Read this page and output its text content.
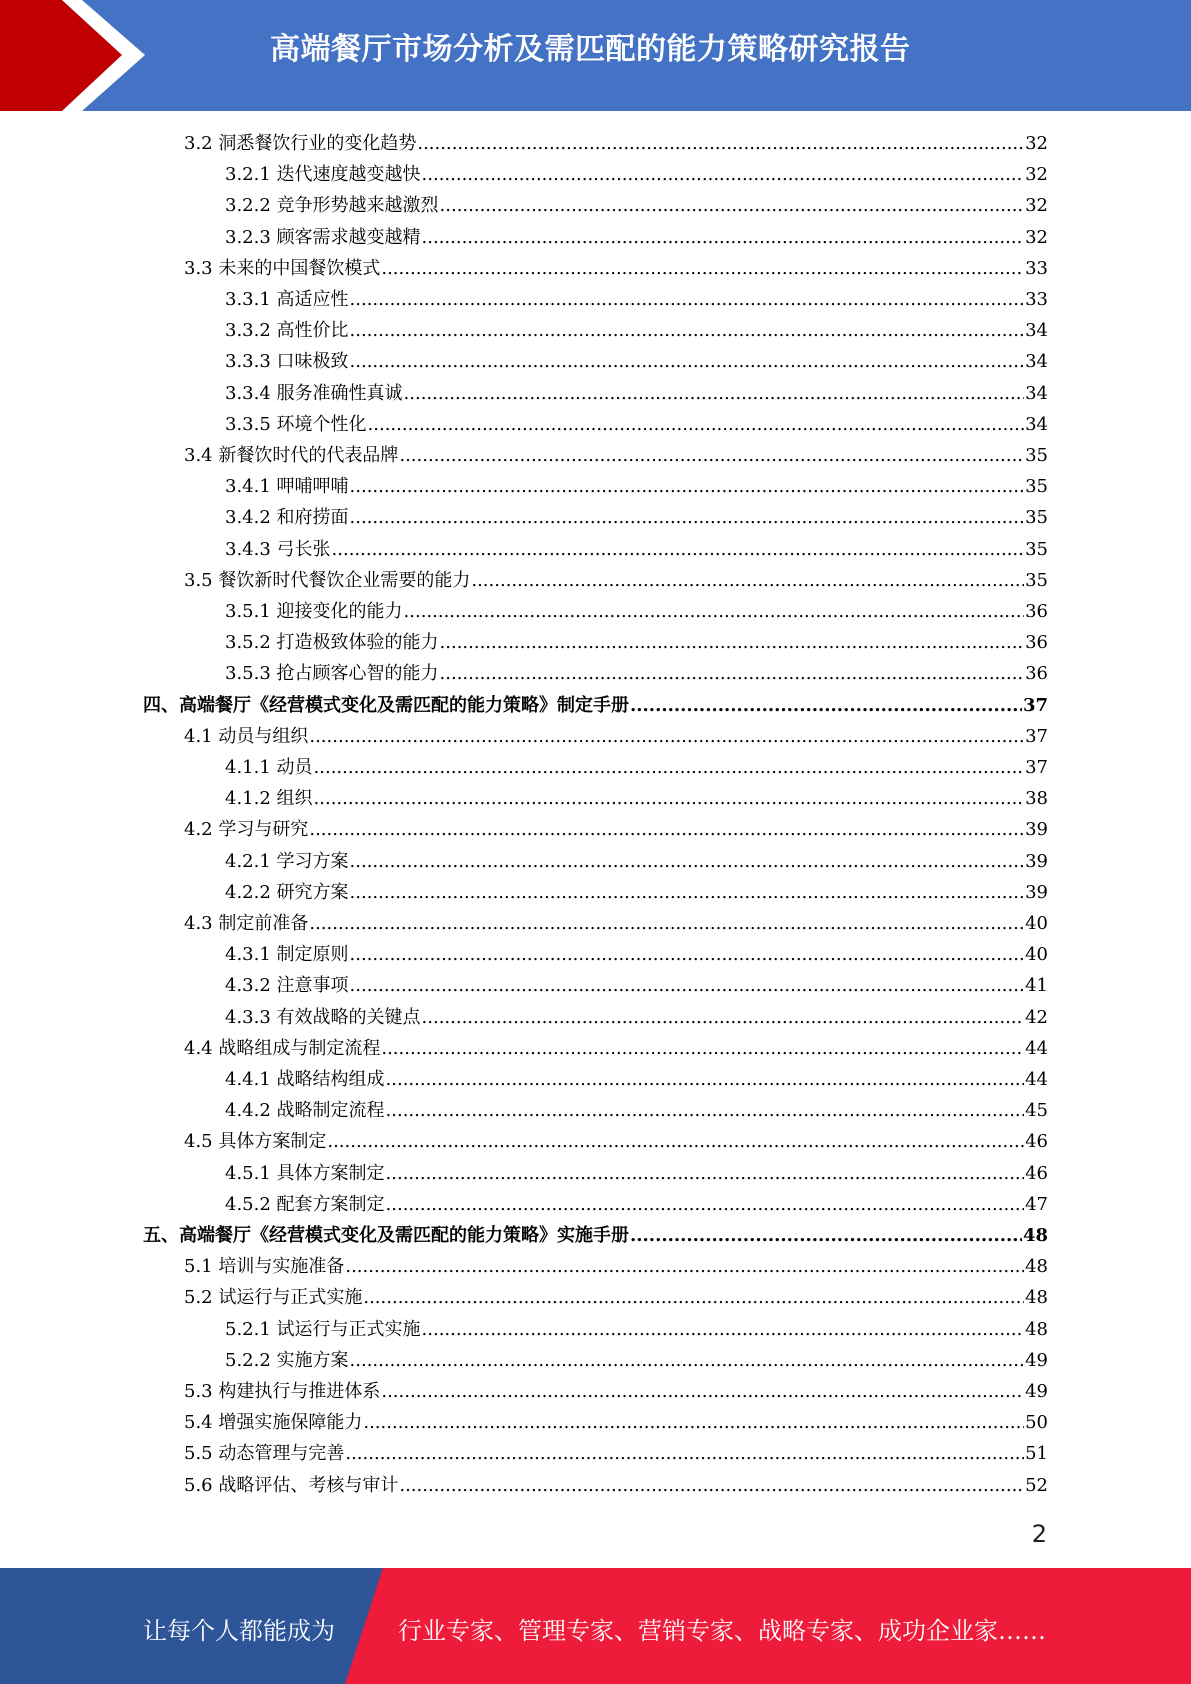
高端餐厅市场分析及需匹配的能力策略研究报告
3.2 洞悉餐饮行业的变化趋势 .....	32
3.2.1 迭代速度越变越快 .....	32
3.2.2 竞争形势越来越激烈 .....	32
3.2.3 顾客需求越变越精 .....	32
3.3 未来的中国餐饮模式 .....	33
3.3.1 高适应性 .....	33
3.3.2 高性价比 .....	34
3.3.3 口味极致 .....	34
3.3.4 服务准确性真诚 .....	34
3.3.5 环境个性化 .....	34
3.4 新餐饮时代的代表品牌 .....	35
3.4.1 呷哺呷哺 .....	35
3.4.2 和府捞面 .....	35
3.4.3 弓长张 .....	35
3.5 餐饮新时代餐饮企业需要的能力 .....	35
3.5.1 迎接变化的能力 .....	36
3.5.2 打造极致体验的能力 .....	36
3.5.3 抢占顾客心智的能力 .....	36
四、高端餐厅《经营模式变化及需匹配的能力策略》制定手册 .....	37
4.1 动员与组织 .....	37
4.1.1 动员 .....	37
4.1.2 组织 .....	38
4.2 学习与研究 .....	39
4.2.1 学习方案 .....	39
4.2.2 研究方案 .....	39
4.3 制定前准备 .....	40
4.3.1 制定原则 .....	40
4.3.2 注意事项 .....	41
4.3.3 有效战略的关键点 .....	42
4.4 战略组成与制定流程 .....	44
4.4.1 战略结构组成 .....	44
4.4.2 战略制定流程 .....	45
4.5 具体方案制定 .....	46
4.5.1 具体方案制定 .....	46
4.5.2 配套方案制定 .....	47
五、高端餐厅《经营模式变化及需匹配的能力策略》实施手册 .....	48
5.1 培训与实施准备 .....	48
5.2 试运行与正式实施 .....	48
5.2.1 试运行与正式实施 .....	48
5.2.2 实施方案 .....	49
5.3 构建执行与推进体系 .....	49
5.4 增强实施保障能力 .....	50
5.5 动态管理与完善 .....	51
5.6 战略评估、考核与审计 .....	52
2
让每个人都能成为	行业专家、管理专家、营销专家、战略专家、成功企业家……
